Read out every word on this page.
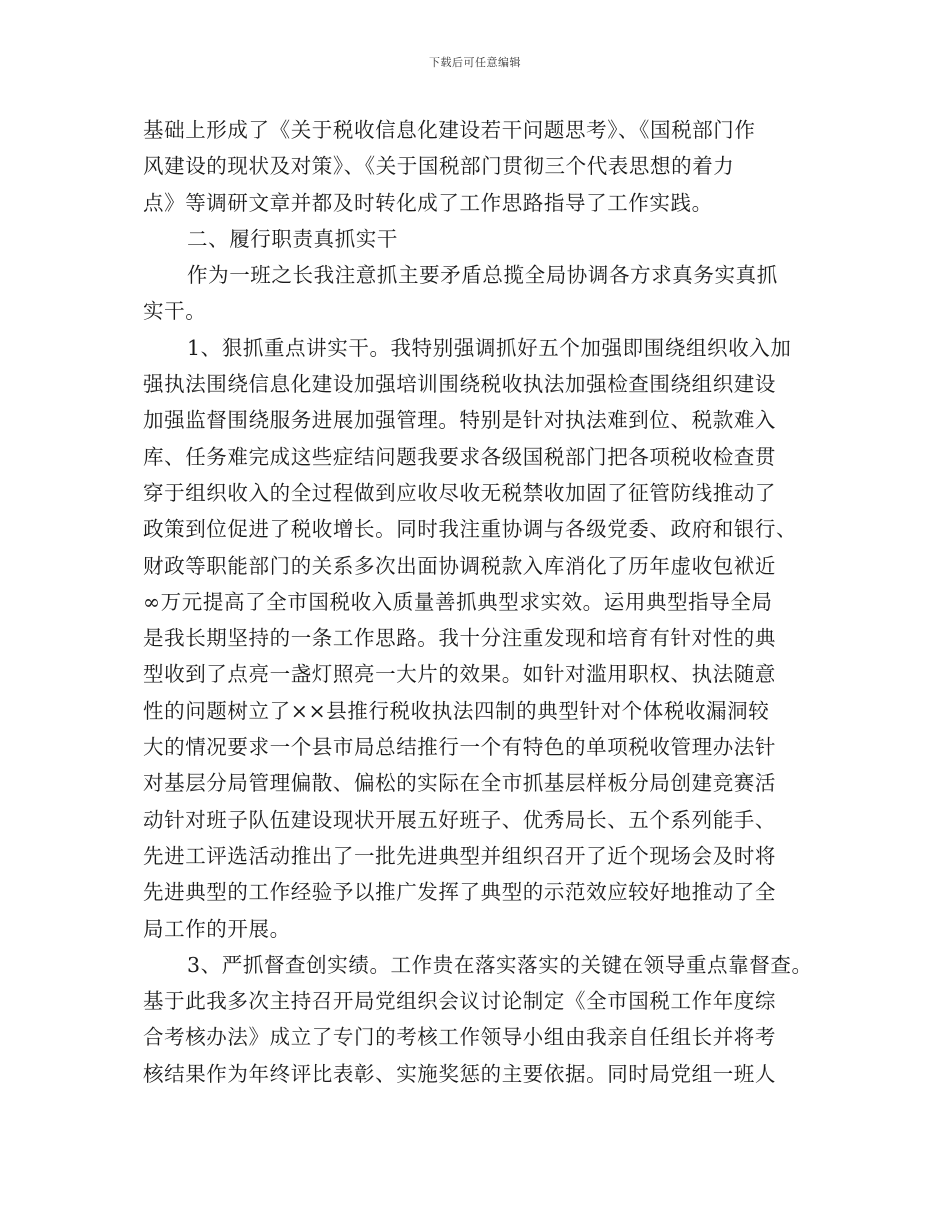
下载后可任意编辑
基础上形成了《关于税收信息化建设若干问题思考》、《国税部门作
风建设的现状及对策》、《关于国税部门贯彻三个代表思想的着力
点》等调研文章并都及时转化成了工作思路指导了工作实践。
二、履行职责真抓实干
作为一班之长我注意抓主要矛盾总揽全局协调各方求真务实真抓
实干。
1、狠抓重点讲实干。我特别强调抓好五个加强即围绕组织收入加
强执法围绕信息化建设加强培训围绕税收执法加强检查围绕组织建设
加强监督围绕服务进展加强管理。特别是针对执法难到位、税款难入
库、任务难完成这些症结问题我要求各级国税部门把各项税收检查贯
穿于组织收入的全过程做到应收尽收无税禁收加固了征管防线推动了
政策到位促进了税收增长。同时我注重协调与各级党委、政府和银行、
财政等职能部门的关系多次出面协调税款入库消化了历年虚收包袱近
∞万元提高了全市国税收入质量善抓典型求实效。运用典型指导全局
是我长期坚持的一条工作思路。我十分注重发现和培育有针对性的典
型收到了点亮一盏灯照亮一大片的效果。如针对滥用职权、执法随意
性的问题树立了××县推行税收执法四制的典型针对个体税收漏洞较
大的情况要求一个县市局总结推行一个有特色的单项税收管理办法针
对基层分局管理偏散、偏松的实际在全市抓基层样板分局创建竞赛活
动针对班子队伍建设现状开展五好班子、优秀局长、五个系列能手、
先进工评选活动推出了一批先进典型并组织召开了近个现场会及时将
先进典型的工作经验予以推广发挥了典型的示范效应较好地推动了全
局工作的开展。
3、严抓督查创实绩。工作贵在落实落实的关键在领导重点靠督查。
基于此我多次主持召开局党组织会议讨论制定《全市国税工作年度综
合考核办法》成立了专门的考核工作领导小组由我亲自任组长并将考
核结果作为年终评比表彰、实施奖惩的主要依据。同时局党组一班人
